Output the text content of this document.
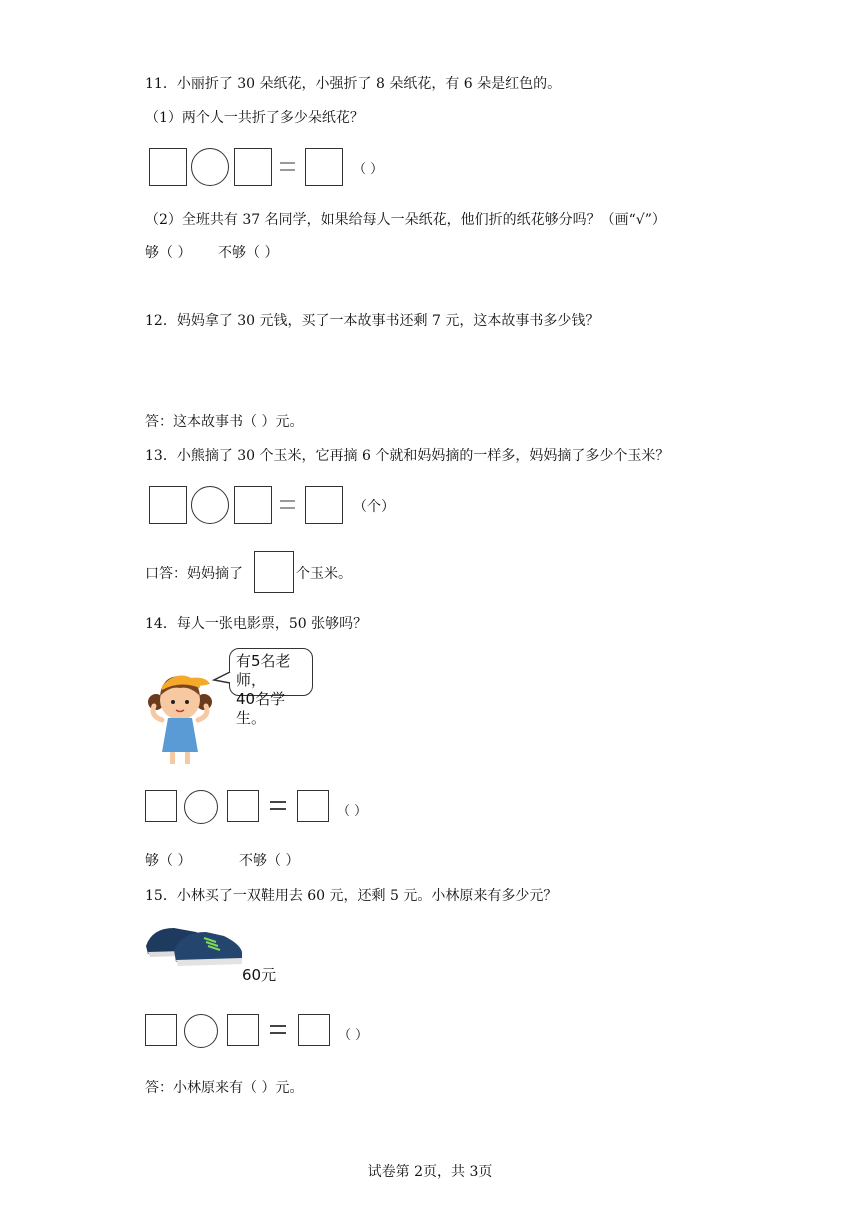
11．小丽折了 30 朵纸花，小强折了 8 朵纸花，有 6 朵是红色的。
（1）两个人一共折了多少朵纸花？
（ ）
（2）全班共有 37 名同学，如果给每人一朵纸花，他们折的纸花够分吗？（画“√”）
够（ ） 不够（ ）
12．妈妈拿了 30 元钱，买了一本故事书还剩 7 元，这本故事书多少钱？
答：这本故事书（ ）元。
13．小熊摘了 30 个玉米，它再摘 6 个就和妈妈摘的一样多，妈妈摘了多少个玉米？
（个）
口答：妈妈摘了	个玉米。
14．每人一张电影票，50 张够吗？
有5名老师，
40名学生。
（ ）
够（ ）	不够（ ）
15．小林买了一双鞋用去 60 元，还剩 5 元。小林原来有多少元？
60元
（ ）
答：小林原来有（ ）元。
试卷第 2页，共 3页
